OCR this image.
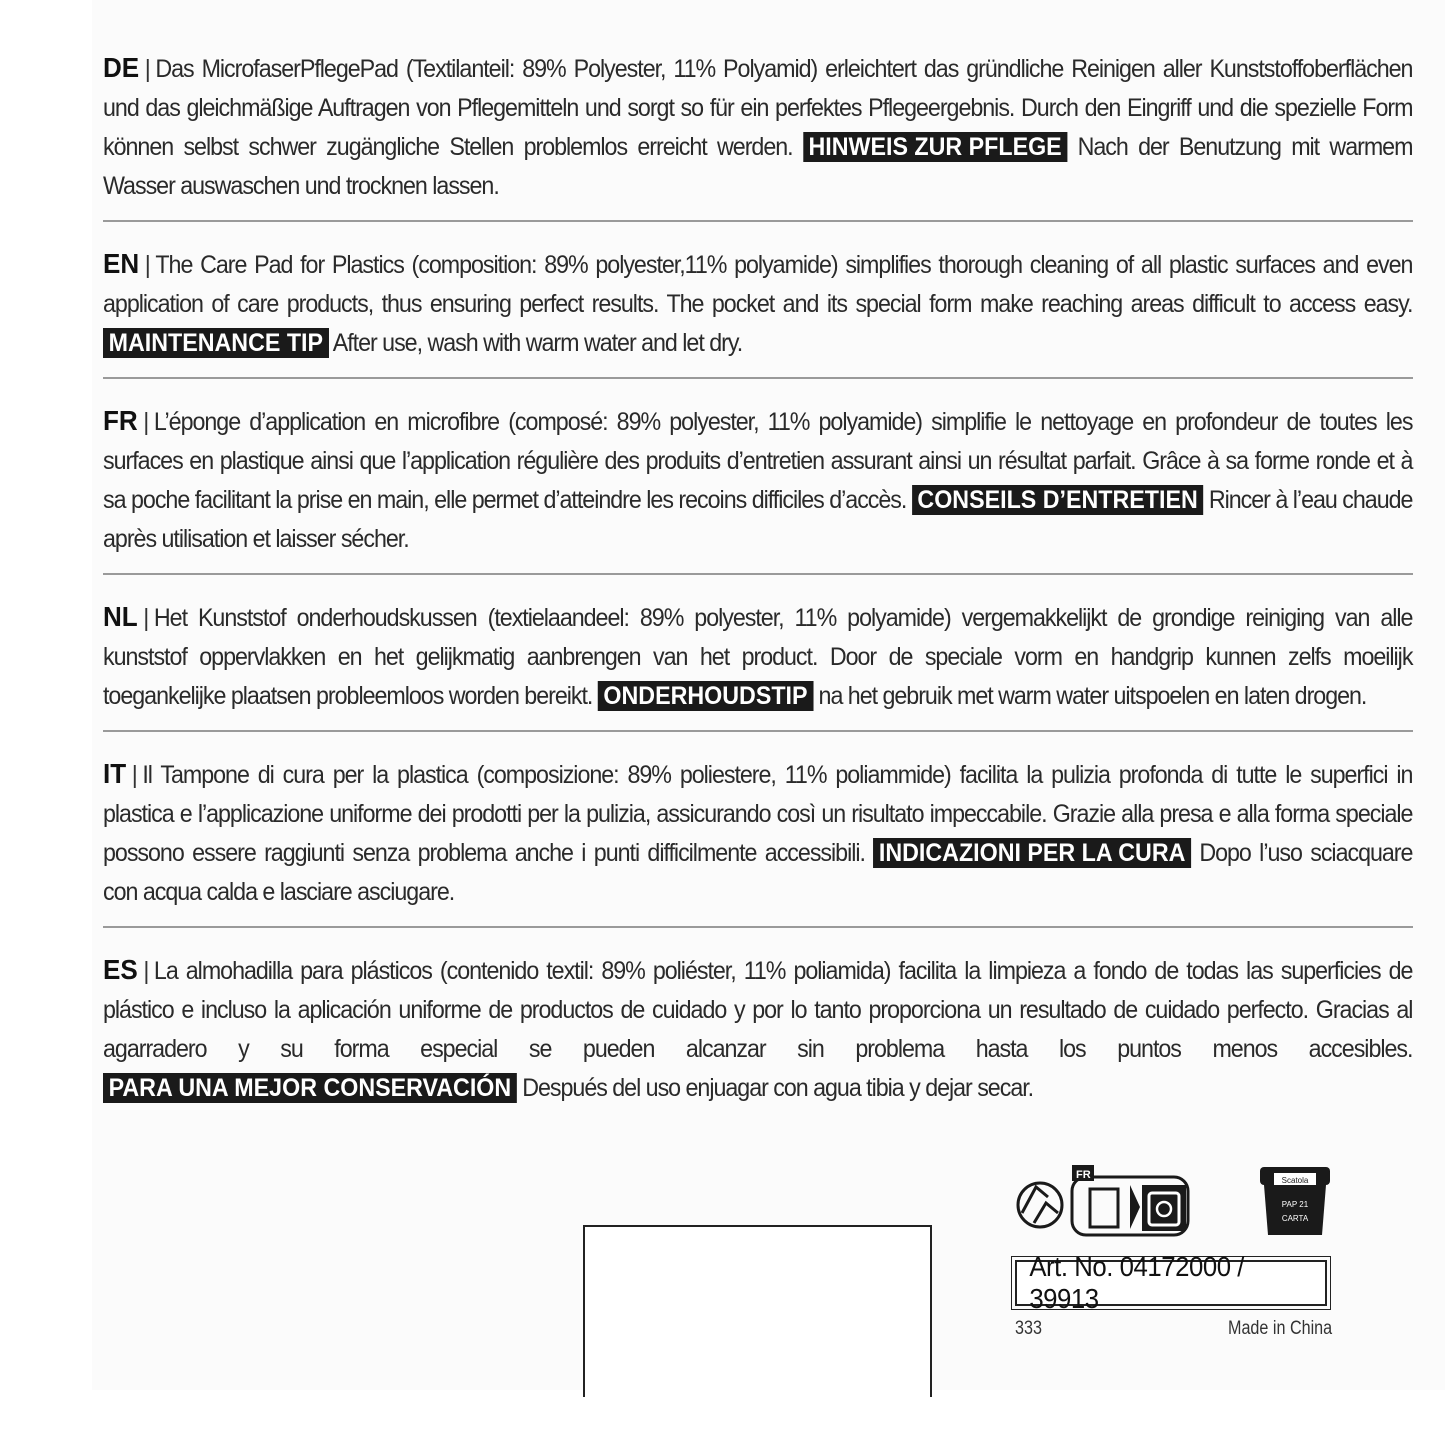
DE | Das MicrofaserPflegePad (Textilanteil: 89% Polyester, 11% Polyamid) erleichtert das gründliche Reinigen aller Kunststoffoberflächen und das gleichmäßige Auftragen von Pflegemitteln und sorgt so für ein perfektes Pflegeergebnis. Durch den Eingriff und die spezielle Form können selbst schwer zugängliche Stellen problemlos erreicht werden. HINWEIS ZUR PFLEGE Nach der Benutzung mit warmem Wasser auswaschen und trocknen lassen.
EN | The Care Pad for Plastics (composition: 89% polyester,11% polyamide) simplifies thorough cleaning of all plastic surfaces and even application of care products, thus ensuring perfect results. The pocket and its special form make reaching areas difficult to access easy. MAINTENANCE TIP After use, wash with warm water and let dry.
FR | L’éponge d’application en microfibre (composé: 89% polyester, 11% polyamide) simplifie le nettoyage en profondeur de toutes les surfaces en plastique ainsi que l’application régulière des produits d’entretien assurant ainsi un résultat parfait. Grâce à sa forme ronde et à sa poche facilitant la prise en main, elle permet d’atteindre les recoins difficiles d’accès. CONSEILS D’ENTRETIEN Rincer à l’eau chaude après utilisation et laisser sécher.
NL | Het Kunststof onderhoudskussen (textielaandeel: 89% polyester, 11% polyamide) vergemakkelijkt de grondige reiniging van alle kunststof oppervlakken en het gelijkmatig aanbrengen van het product. Door de speciale vorm en handgrip kunnen zelfs moeilijk toegankelijke plaatsen probleemloos worden bereikt. ONDERHOUDSTIP na het gebruik met warm water uitspoelen en laten drogen.
IT | Il Tampone di cura per la plastica (composizione: 89% poliestere, 11% poliammide) facilita la pulizia profonda di tutte le superfici in plastica e l’applicazione uniforme dei prodotti per la pulizia, assicurando così un risultato impeccabile. Grazie alla presa e alla forma speciale possono essere raggiunti senza problema anche i punti difficilmente accessibili. INDICAZIONI PER LA CURA Dopo l’uso sciacquare con acqua calda e lasciare asciugare.
ES | La almohadilla para plásticos (contenido textil: 89% poliéster, 11% poliamida) facilita la limpieza a fondo de todas las superficies de plástico e incluso la aplicación uniforme de productos de cuidado y por lo tanto proporciona un resultado de cuidado perfecto. Gracias al agarradero y su forma especial se pueden alcanzar sin problema hasta los puntos menos accesibles. PARA UNA MEJOR CONSERVACIÓN Después del uso enjuagar con agua tibia y dejar secar.
FR	Scatola
PAP 21
CARTA
Art. No. 04172000 / 39913
333	Made in China
